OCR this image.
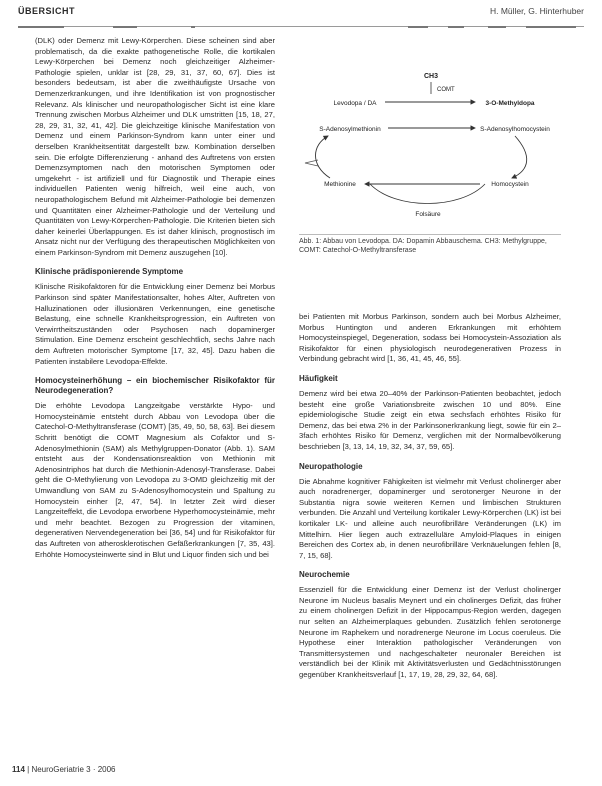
ÜBERSICHT	H. Müller, G. Hinterhuber

(DLK) oder Demenz mit Lewy-Körperchen. Diese scheinen sind aber problematisch, da die exakte pathogenetische Rolle, die kortikalen Lewy-Körperchen bei Demenz noch gleichzeitiger Alzheimer-Pathologie spielen, unklar ist [28, 29, 31, 37, 60, 67]. Dies ist besonders bedeutsam, ist aber die zweithäufigste Ursache von Demenzerkrankungen, und ihre Identifikation ist von prognostischer Relevanz. Als klinischer und neuropathologischer Sicht ist eine klare Trennung zwischen Morbus Alzheimer und DLK umstritten [15, 18, 27, 28, 29, 31, 32, 41, 42]. Die gleichzeitige klinische Manifestation von Demenz und einem Parkinson-Syndrom kann unter einer und derselben Krankheitsentität dargestellt bzw. Kombination derselben sein. Die erfolgte Differenzierung - anhand des Auftretens von ersten Demenzsymptomen nach den motorischen Symptomen oder umgekehrt - ist artifiziell und für Diagnostik und Therapie eines individuellen Patienten wenig hilfreich, weil eine auch, von neuropathologischem Befund mit Alzheimer-Pathologie bei demenzen und Quantitäten einer Alzheimer-Pathologie und der Verteilung und Quantitäten von Lewy-Körperchen-Pathologie. Die Kriterien bieten sich daher keinerlei Überlappungen. Es ist daher klinisch, prognostisch im Ansatz nicht nur der Verfügung des therapeutischen Möglichkeiten von einem Parkinson-Syndrom mit Demenz auszugehen [10].

Klinische prädisponierende Symptome

Klinische Risikofaktoren für die Entwicklung einer Demenz bei Morbus Parkinson sind später Manifestationsalter, hohes Alter, Auftreten von Halluzinationen oder illusionären Verkennungen, eine genetische Belastung, eine schnelle Krankheitsprogression, ein Auftreten von Verwirrtheitszuständen oder Psychosen nach dopaminerger Stimulation. Eine Demenz erscheint geschlechtlich, sechs Jahre nach dem Auftreten motorischer Symptome [17, 32, 45]. Dazu haben die Patienten instabilere Levodopa-Effekte.

Homocysteinerhöhung – ein biochemischer Risikofaktor für Neurodegeneration?

Die erhöhte Levodopa Langzeitgabe verstärkte Hypo- und Homocysteinämie entsteht durch Abbau von Levodopa über die Catechol-O-Methyltransferase (COMT) [35, 49, 50, 58, 63]. Bei diesem Schritt benötigt die COMT Magnesium als Cofaktor und S-Adenosylmethionin (SAM) als Methylgruppen-Donator (Abb. 1). SAM entsteht aus der Kondensationsreaktion von Methionin mit Adenosintriphos hat durch die Methionin-Adenosyl-Transferase. Dabei geht die O-Methylierung von Levodopa zu 3-OMD gleichzeitig mit der Umwandlung von SAM zu S-Adenosylhomocystein und Spaltung zu Homocystein einher [2, 47, 54]. In letzter Zeit wird dieser Langzeiteffekt, die Levodopa erworbene Hyperhomocysteinämie, mehr und mehr beachtet. Bezogen zu Progression der vitaminen, degenerativen Nervendegeneration bei [36, 54] und für Risikofaktor für das Auftreten von atherosklerotischen Gefäßerkrankungen [7, 35, 43]. Erhöhte Homocysteinwerte sind in Blut und Liquor finden sich und bei

CH3
COMT
Levodopa / DA	3-O-Methyldopa
S-Adenosylmethionin	S-Adenosylhomocystein
Homocystein
Methionine
Folsäure
Abb. 1: Abbau von Levodopa. DA: Dopamin Abbauschema. CH3: Methylgruppe, COMT: Catechol-O-Methyltransferase

bei Patienten mit Morbus Parkinson, sondern auch bei Morbus Alzheimer, Morbus Huntington und anderen Erkrankungen mit erhöhtem Homocysteinspiegel, Degeneration, sodass bei Homocystein-Assoziation als Risikofaktor für einen physiologisch neurodegenerativen Prozess in Verbindung gebracht wird [1, 36, 41, 45, 46, 55].

Häufigkeit

Demenz wird bei etwa 20–40% der Parkinson-Patienten beobachtet, jedoch besteht eine große Variationsbreite zwischen 10 und 80%. Eine epidemiologische Studie zeigt ein etwa sechsfach erhöhtes Risiko für Demenz, das bei etwa 2% in der Parkinsonerkrankung liegt, sowie für ein 2–3fach erhöhtes Risiko für Demenz, verglichen mit der Normalbevölkerung beschrieben [3, 13, 14, 19, 32, 34, 37, 59, 65].

Neuropathologie

Die Abnahme kognitiver Fähigkeiten ist vielmehr mit Verlust cholinerger aber auch noradrenerger, dopaminerger und serotonerger Neurone in der Substantia nigra sowie weiteren Kernen und limbischen Strukturen verbunden. Die Anzahl und Verteilung kortikaler Lewy-Körperchen (LK) ist bei kortikaler LK- und alleine auch neurofibrilläre Veränderungen (LK) im Mittelhirn. Hier liegen auch extrazelluläre Amyloid-Plaques in einigen Bereichen des Cortex ab, in denen neurofibrilläre Verknäuelungen fehlen [8, 7, 15, 68].

Neurochemie

Essenziell für die Entwicklung einer Demenz ist der Verlust cholinerger Neurone im Nucleus basalis Meynert und ein cholinerges Defizit, das früher zu einem cholinergen Defizit in der Hippocampus-Region werden, dagegen nur selten an Alzheimerplaques gebunden. Zusätzlich fehlen serotonerge Neurone im Raphekern und noradrenerge Neurone im Locus coeruleus. Die Hypothese einer Interaktion pathologischer Veränderungen von Transmittersystemen und nachgeschalteter neuronaler Bereichen ist verständlich bei der Klinik mit Aktivitätsverlusten und Gedächtnisstörungen gegenüber Krankheitsverlauf [1, 17, 19, 28, 29, 32, 64, 68].

114 | NeuroGeriatrie 3 · 2006
